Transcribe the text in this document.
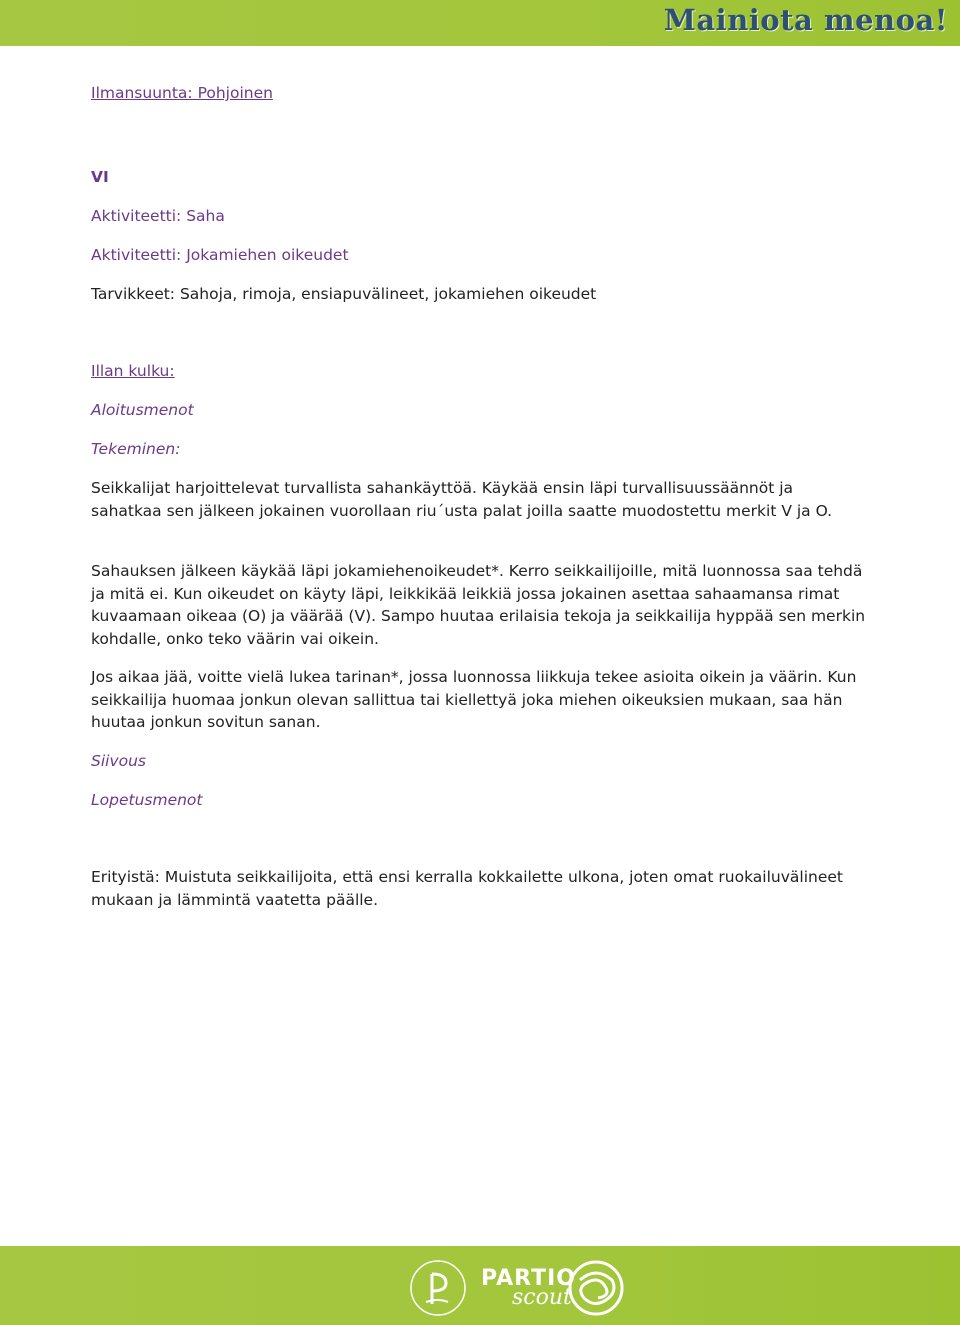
Mainiota menoa!
Ilmansuunta: Pohjoinen
VI
Aktiviteetti: Saha
Aktiviteetti: Jokamiehen oikeudet
Tarvikkeet: Sahoja, rimoja, ensiapuvälineet, jokamiehen oikeudet
Illan kulku:
Aloitusmenot
Tekeminen:
Seikkalijat harjoittelevat turvallista sahankäyttöä. Käykää ensin läpi turvallisuussäännöt ja sahatkaa sen jälkeen jokainen vuorollaan riu´usta palat joilla saatte muodostettu merkit V ja O.
Sahauksen jälkeen käykää läpi jokamiehenoikeudet*. Kerro seikkailijoille, mitä luonnossa saa tehdä ja mitä ei. Kun oikeudet on käyty läpi, leikkikää leikkiä jossa jokainen asettaa sahaamansa rimat kuvaamaan oikeaa (O) ja väärää (V). Sampo huutaa erilaisia tekoja ja seikkailija hyppää sen merkin kohdalle, onko teko väärin vai oikein.
Jos aikaa jää, voitte vielä lukea tarinan*, jossa luonnossa liikkuja tekee asioita oikein ja väärin. Kun seikkailija huomaa jonkun olevan sallittua tai kiellettyä joka miehen oikeuksien mukaan, saa hän huutaa jonkun sovitun sanan.
Siivous
Lopetusmenot
Erityistä: Muistuta seikkailijoita, että ensi kerralla kokkailette ulkona, joten omat ruokailuvälineet mukaan ja lämmintä vaatetta päälle.
PARTIO
scout
